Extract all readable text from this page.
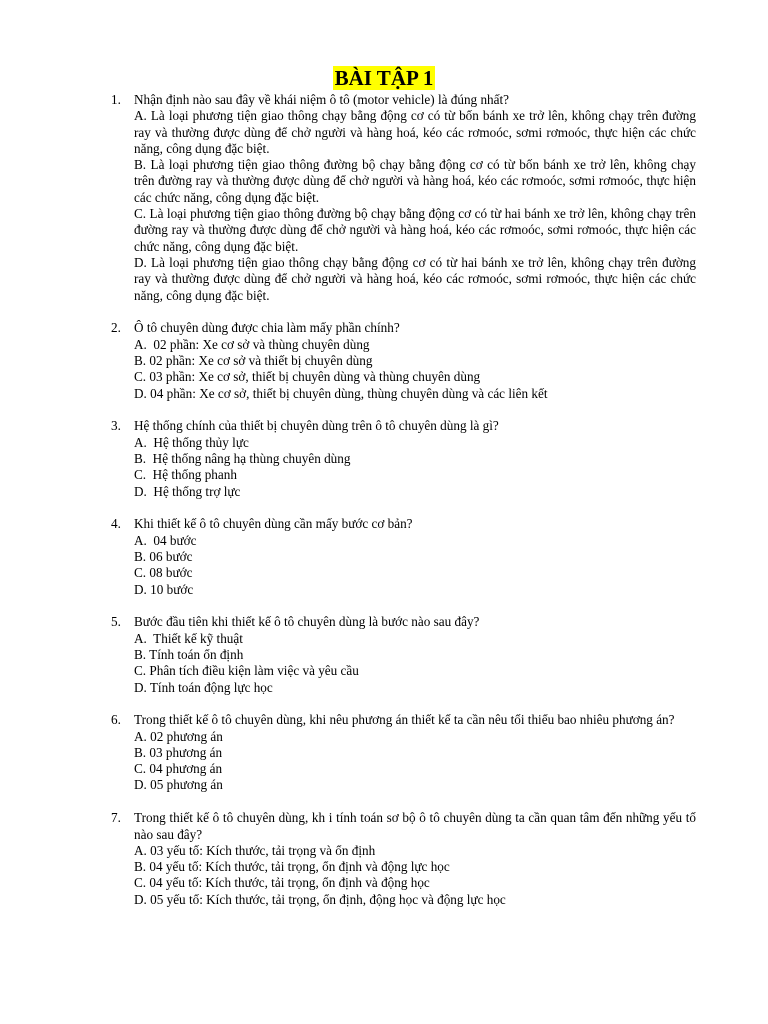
BÀI TẬP 1
1. Nhận định nào sau đây về khái niệm ô tô (motor vehicle) là đúng nhất?
A. Là loại phương tiện giao thông chạy bằng động cơ có từ bốn bánh xe trở lên, không chạy trên đường ray và thường được dùng để chở người và hàng hoá, kéo các rơmoóc, sơmi rơmoóc, thực hiện các chức năng, công dụng đặc biệt.
B. Là loại phương tiện giao thông đường bộ chạy bằng động cơ có từ bốn bánh xe trở lên, không chạy trên đường ray và thường được dùng để chở người và hàng hoá, kéo các rơmoóc, sơmi rơmoóc, thực hiện các chức năng, công dụng đặc biệt.
C. Là loại phương tiện giao thông đường bộ chạy bằng động cơ có từ hai bánh xe trở lên, không chạy trên đường ray và thường được dùng để chở người và hàng hoá, kéo các rơmoóc, sơmi rơmoóc, thực hiện các chức năng, công dụng đặc biệt.
D. Là loại phương tiện giao thông chạy bằng động cơ có từ hai bánh xe trở lên, không chạy trên đường ray và thường được dùng để chở người và hàng hoá, kéo các rơmoóc, sơmi rơmoóc, thực hiện các chức năng, công dụng đặc biệt.
2. Ô tô chuyên dùng được chia làm mấy phần chính?
A.  02 phần: Xe cơ sở và thùng chuyên dùng
B. 02 phần: Xe cơ sở và thiết bị chuyên dùng
C. 03 phần: Xe cơ sở, thiết bị chuyên dùng và thùng chuyên dùng
D. 04 phần: Xe cơ sở, thiết bị chuyên dùng, thùng chuyên dùng và các liên kết
3. Hệ thống chính của thiết bị chuyên dùng trên ô tô chuyên dùng là gì?
A.  Hệ thống thủy lực
B.  Hệ thống nâng hạ thùng chuyên dùng
C.  Hệ thống phanh
D.  Hệ thống trợ lực
4. Khi thiết kế ô tô chuyên dùng cần mấy bước cơ bản?
A.  04 bước
B. 06 bước
C. 08 bước
D. 10 bước
5. Bước đầu tiên khi thiết kế ô tô chuyên dùng là bước nào sau đây?
A.  Thiết kế kỹ thuật
B. Tính toán ổn định
C. Phân tích điều kiện làm việc và yêu cầu
D. Tính toán động lực học
6. Trong thiết kế ô tô chuyên dùng, khi nêu phương án thiết kế ta cần nêu tối thiểu bao nhiêu phương án?
A. 02 phương án
B. 03 phương án
C. 04 phương án
D. 05 phương án
7. Trong thiết kế ô tô chuyên dùng, kh i tính toán sơ bộ ô tô chuyên dùng ta cần quan tâm đến những yếu tố nào sau đây?
A. 03 yếu tố: Kích thước, tải trọng và ổn định
B. 04 yếu tố: Kích thước, tải trọng, ổn định và động lực học
C. 04 yếu tố: Kích thước, tải trọng, ổn định và động học
D. 05 yếu tố: Kích thước, tải trọng, ổn định, động học và động lực học
